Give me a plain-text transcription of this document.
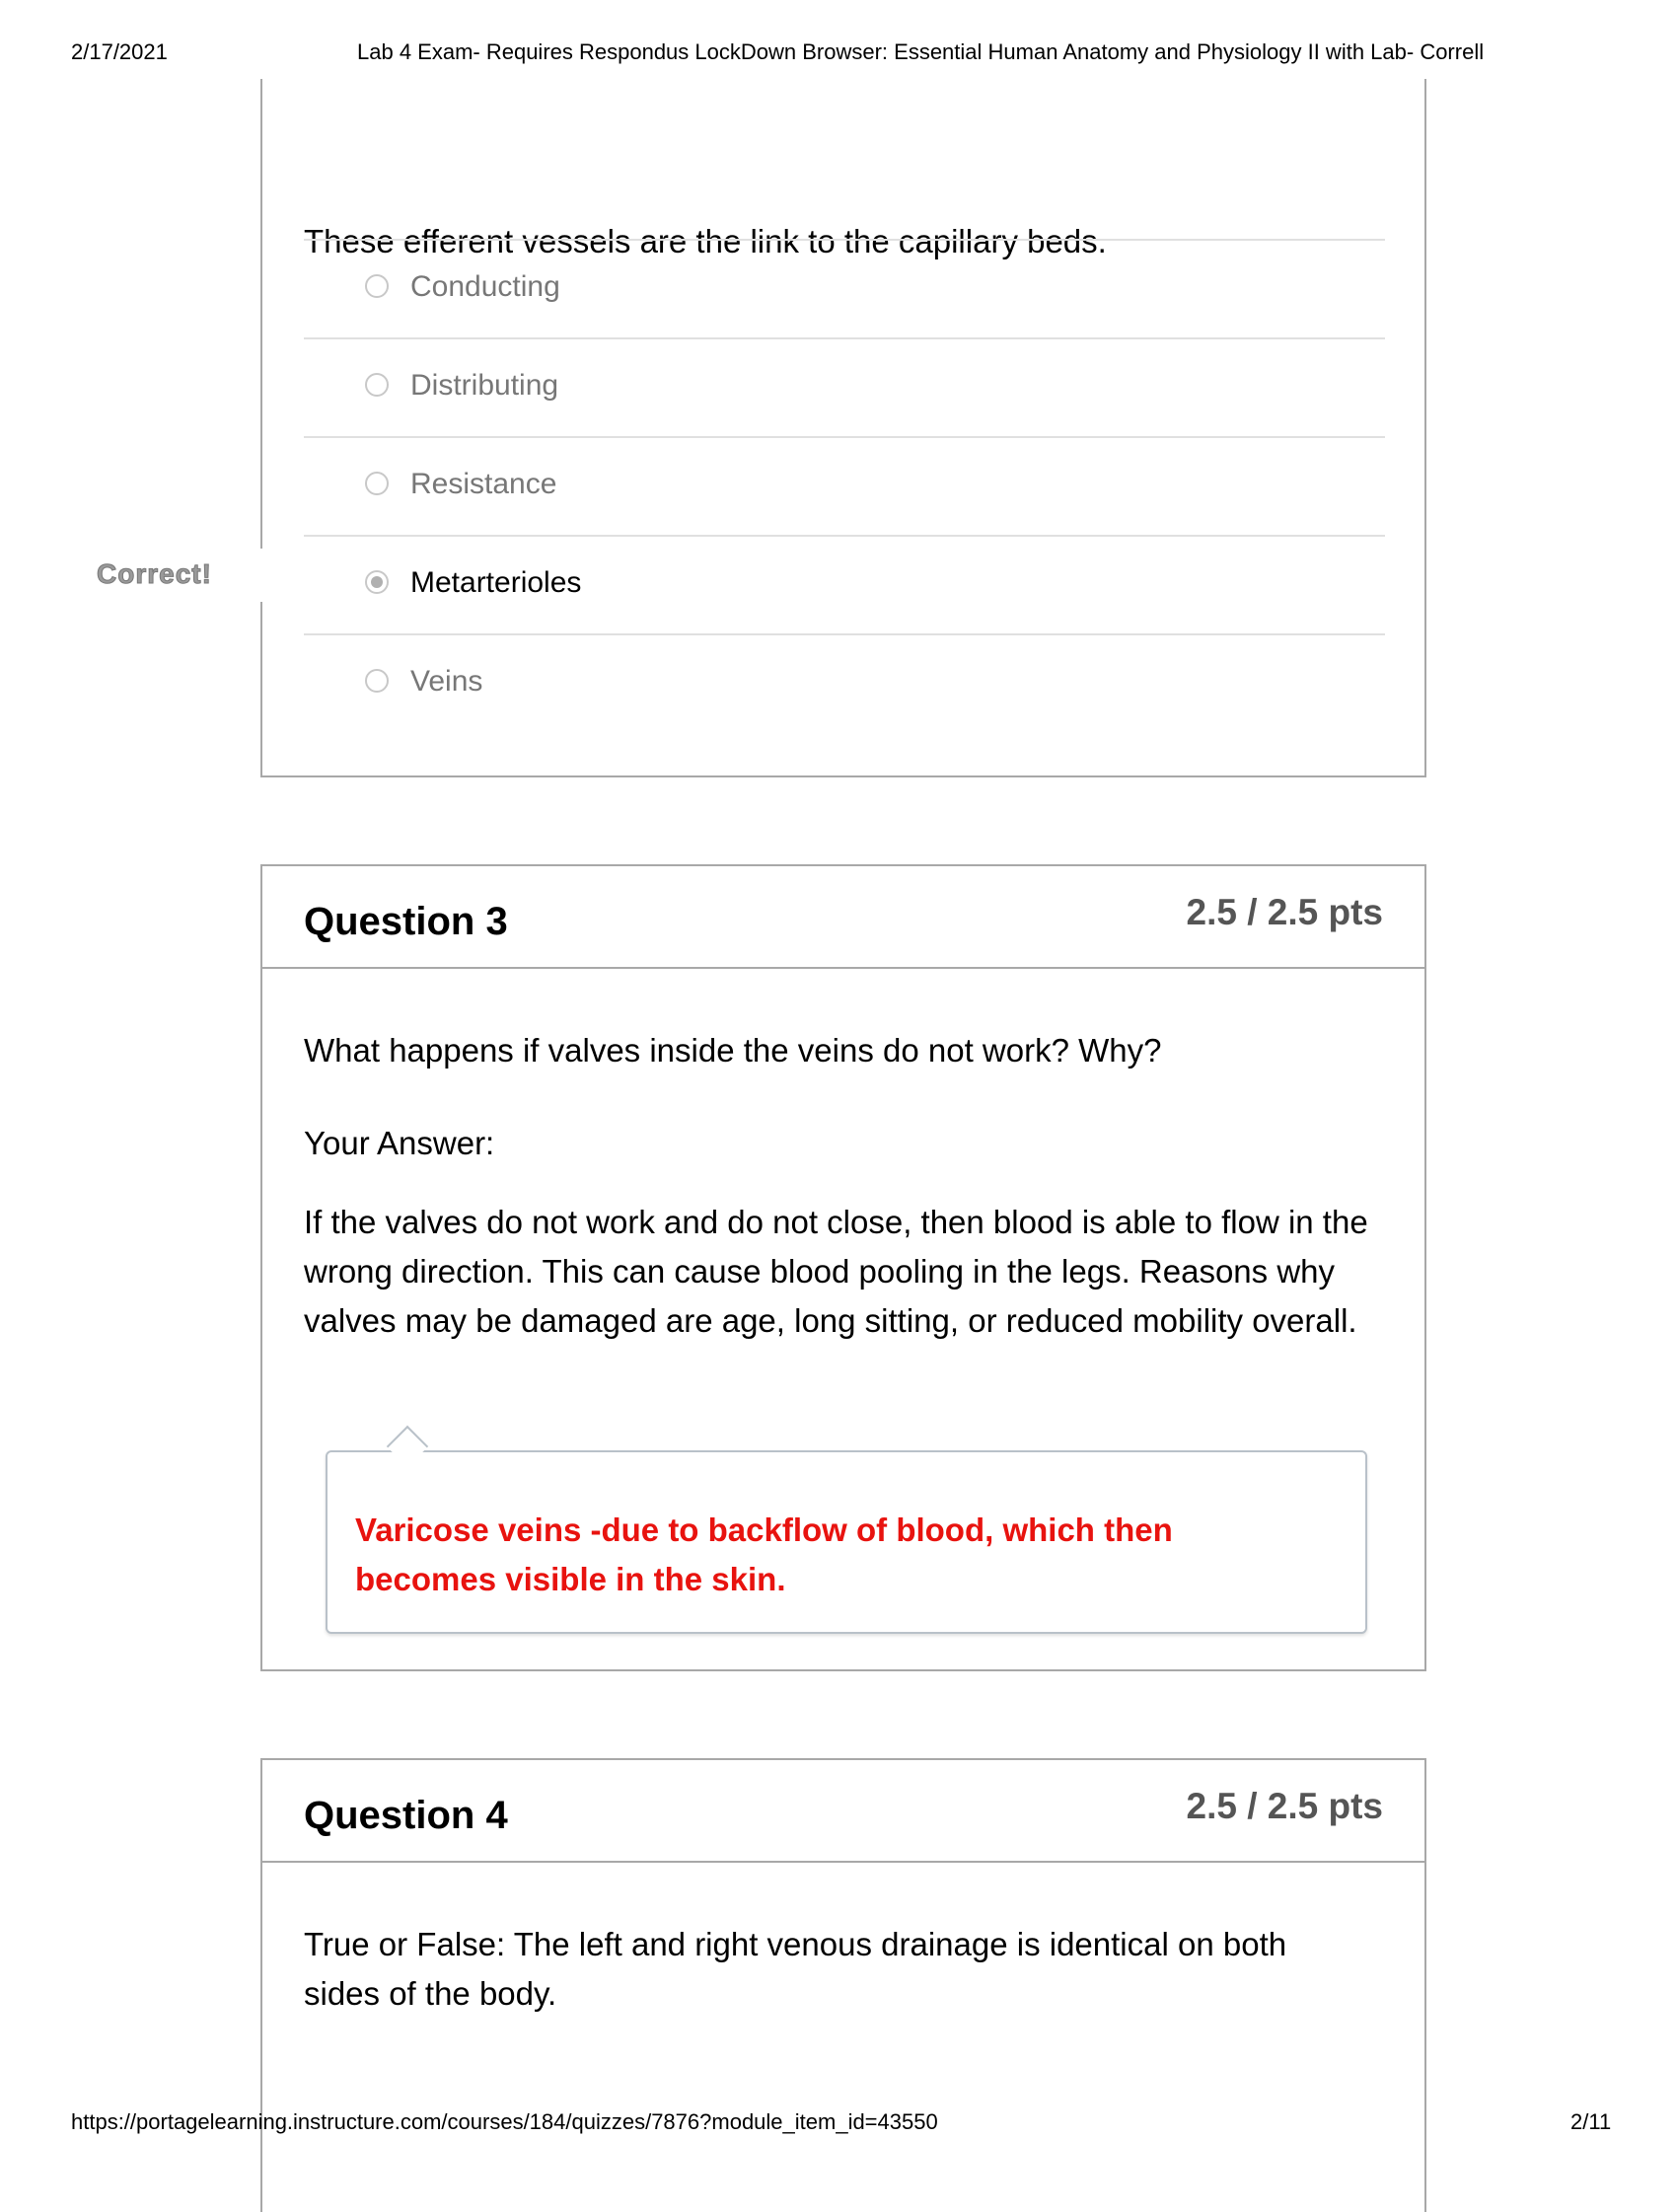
2/17/2021	Lab 4 Exam- Requires Respondus LockDown Browser: Essential Human Anatomy and Physiology II with Lab- Correll
These efferent vessels are the link to the capillary beds.
Conducting
Distributing
Resistance
Metarterioles
Veins
Correct!
Question 3	2.5 / 2.5 pts
What happens if valves inside the veins do not work? Why?
Your Answer:
If the valves do not work and do not close, then blood is able to flow in the
wrong direction. This can cause blood pooling in the legs. Reasons why
valves may be damaged are age, long sitting, or reduced mobility overall.
Varicose veins -due to backflow of blood, which then
becomes visible in the skin.
Question 4	2.5 / 2.5 pts
True or False: The left and right venous drainage is identical on both
sides of the body.
https://portagelearning.instructure.com/courses/184/quizzes/7876?module_item_id=43550	2/11
